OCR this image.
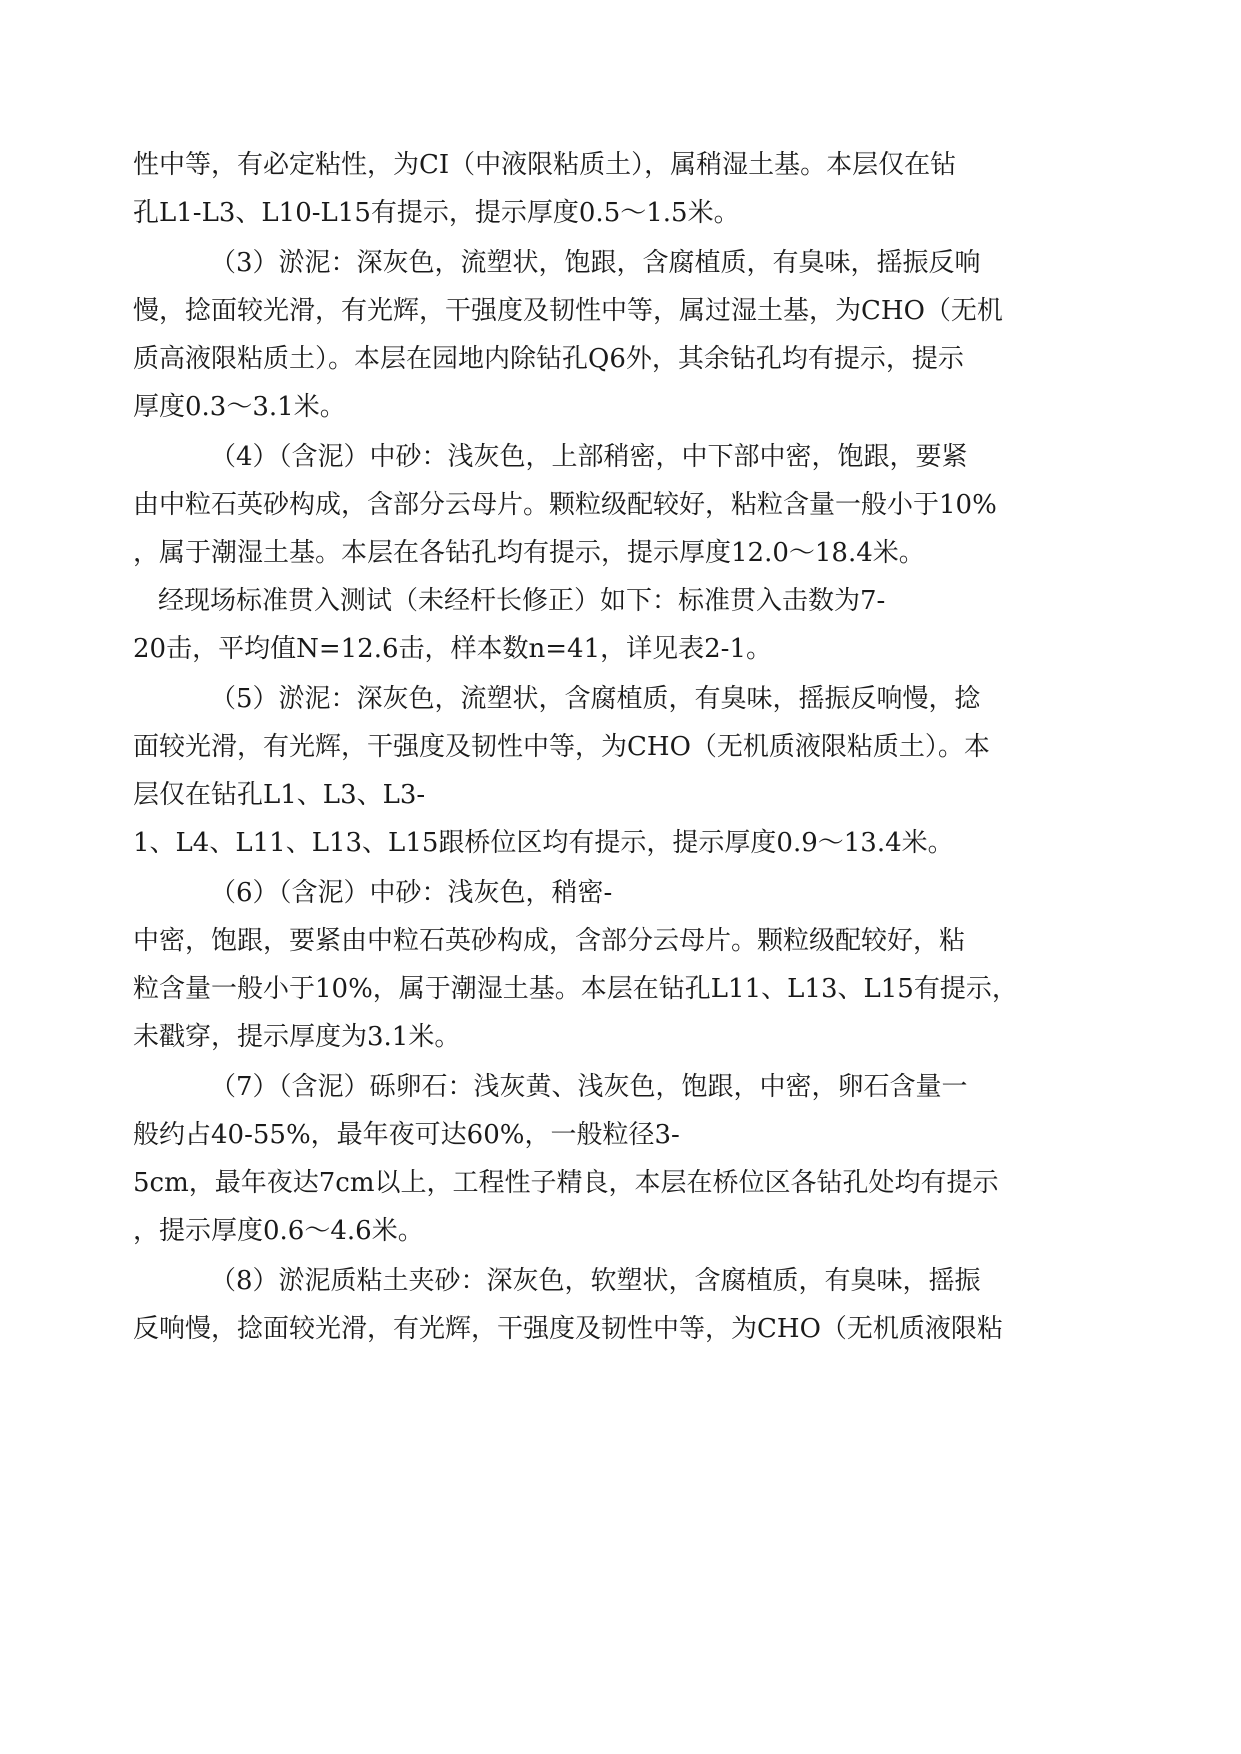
性中等，有必定粘性，为CI（中液限粘质土），属稍湿土基。本层仅在钻
孔L1-L3、L10-L15有提示，提示厚度0.5～1.5米。
（3）淤泥：深灰色，流塑状，饱跟，含腐植质，有臭味，摇振反响
慢，捻面较光滑，有光辉，干强度及韧性中等，属过湿土基，为CHO（无机
质高液限粘质土）。本层在园地内除钻孔Q6外，其余钻孔均有提示，提示
厚度0.3～3.1米。
（4）（含泥）中砂：浅灰色，上部稍密，中下部中密，饱跟，要紧
由中粒石英砂构成，含部分云母片。颗粒级配较好，粘粒含量一般小于10%
，属于潮湿土基。本层在各钻孔均有提示，提示厚度12.0～18.4米。
经现场标准贯入测试（未经杆长修正）如下：标准贯入击数为7-
20击，平均值N=12.6击，样本数n=41，详见表2-1。
（5）淤泥：深灰色，流塑状，含腐植质，有臭味，摇振反响慢，捻
面较光滑，有光辉，干强度及韧性中等，为CHO（无机质液限粘质土）。本
层仅在钻孔L1、L3、L3-
1、L4、L11、L13、L15跟桥位区均有提示，提示厚度0.9～13.4米。
（6）（含泥）中砂：浅灰色，稍密-
中密，饱跟，要紧由中粒石英砂构成，含部分云母片。颗粒级配较好，粘
粒含量一般小于10%，属于潮湿土基。本层在钻孔L11、L13、L15有提示，
未戳穿，提示厚度为3.1米。
（7）（含泥）砾卵石：浅灰黄、浅灰色，饱跟，中密，卵石含量一
般约占40-55%，最年夜可达60%，一般粒径3-
5cm，最年夜达7cm以上，工程性子精良，本层在桥位区各钻孔处均有提示
，提示厚度0.6～4.6米。
（8）淤泥质粘土夹砂：深灰色，软塑状，含腐植质，有臭味，摇振
反响慢，捻面较光滑，有光辉，干强度及韧性中等，为CHO（无机质液限粘
